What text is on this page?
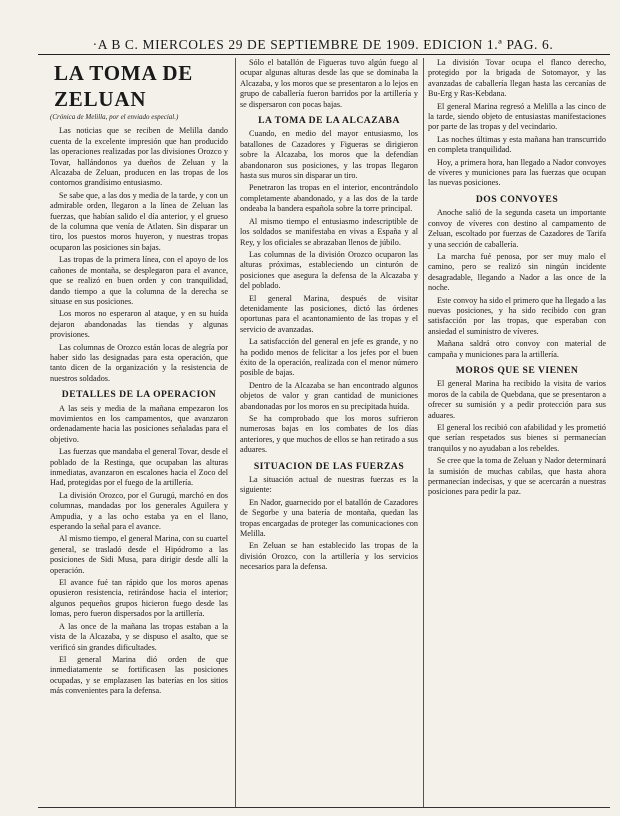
·A B C. MIERCOLES 29 DE SEPTIEMBRE DE 1909. EDICION 1.ª PAG. 6.
LA TOMA DE ZELUAN
(Crónica de Melilla, por el enviado especial.)

Las noticias que se reciben de Melilla dando cuenta de la excelente impresión que han producido las operaciones realizadas por las divisiones Orozco y Tovar, hallándonos ya dueños de Zeluan y la Alcazaba de Zeluan, producen en las tropas de los contornos grandísimo entusiasmo.

Se sabe que, a las dos y media de la tarde, y con un admirable orden, llegaron a la línea de Zeluan las fuerzas, que habían salido el día anterior, y el grueso de la columna que venía de Atlaten. Sin disparar un tiro, los puestos moros huyeron, y nuestras tropas ocuparon las posiciones sin bajas.

Las tropas de la primera línea, con el apoyo de los cañones de montaña, se desplegaron para el avance, que se realizó en buen orden y con tranquilidad, dando tiempo a que la columna de la derecha se situase en sus posiciones.

Los moros no esperaron al ataque, y en su huída dejaron abandonadas las tiendas y algunas provisiones.

Las columnas de Orozco están locas de alegría por haber sido las designadas para esta operación, que tanto dicen de la organización y la resistencia de nuestros soldados.

DETALLES DE LA OPERACION

A las seis y media de la mañana empezaron los movimientos en los campamentos, que avanzaron ordenadamente hacia las posiciones señaladas para el objetivo.

Las fuerzas que mandaba el general Tovar, desde el poblado de la Restinga, que ocupaban las alturas inmediatas, avanzaron en escalones hacia el Zoco del Had, protegidas por el fuego de la artillería.

La división Orozco, por el Gurugú, marchó en dos columnas, mandadas por los generales Aguilera y Ampudia, y a las ocho estaba ya en el llano, esperando la señal para el avance.

Al mismo tiempo, el general Marina, con su cuartel general, se trasladó desde el Hipódromo a las posiciones de Sidi Musa, para dirigir desde allí la operación.

El avance fué tan rápido que los moros apenas opusieron resistencia, retirándose hacia el interior; algunos pequeños grupos hicieron fuego desde las lomas, pero fueron dispersados por la artillería.

A las once de la mañana las tropas estaban a la vista de la Alcazaba, y se dispuso el asalto, que se verificó sin grandes dificultades.

El general Marina dió orden de que inmediatamente se fortificasen las posiciones ocupadas, y se emplazasen las baterías en los sitios más convenientes para la defensa.

Sólo el batallón de Figueras tuvo algún fuego al ocupar algunas alturas desde las que se dominaba la Alcazaba, y los moros que se presentaron a lo lejos en grupo de caballería fueron barridos por la artillería y se dispersaron con pocas bajas.

LA TOMA DE LA ALCAZABA

Cuando, en medio del mayor entusiasmo, los batallones de Cazadores y Figueras se dirigieron sobre la Alcazaba, los moros que la defendían abandonaron sus posiciones, y las tropas llegaron hasta sus muros sin disparar un tiro.

Penetraron las tropas en el interior, encontrándolo completamente abandonado, y a las dos de la tarde ondeaba la bandera española sobre la torre principal.

Al mismo tiempo el entusiasmo indescriptible de los soldados se manifestaba en vivas a España y al Rey, y los oficiales se abrazaban llenos de júbilo.

Las columnas de la división Orozco ocuparon las alturas próximas, estableciendo un cinturón de posiciones que asegura la defensa de la Alcazaba y del poblado.

El general Marina, después de visitar detenidamente las posiciones, dictó las órdenes oportunas para el acantonamiento de las tropas y el servicio de avanzadas.

La satisfacción del general en jefe es grande, y no ha podido menos de felicitar a los jefes por el buen éxito de la operación, realizada con el menor número posible de bajas.

Dentro de la Alcazaba se han encontrado algunos objetos de valor y gran cantidad de municiones abandonadas por los moros en su precipitada huída.

Se ha comprobado que los moros sufrieron numerosas bajas en los combates de los días anteriores, y que muchos de ellos se han retirado a sus aduares.

SITUACION DE LAS FUERZAS

La situación actual de nuestras fuerzas es la siguiente:

En Nador, guarnecido por el batallón de Cazadores de Segorbe y una batería de montaña, quedan las tropas encargadas de proteger las comunicaciones con Melilla.

En Zeluan se han establecido las tropas de la división Orozco, con la artillería y los servicios necesarios para la defensa.

La división Tovar ocupa el flanco derecho, protegido por la brigada de Sotomayor, y las avanzadas de caballería llegan hasta las cercanías de Bu-Erg y Ras-Kebdana.

El general Marina regresó a Melilla a las cinco de la tarde, siendo objeto de entusiastas manifestaciones por parte de las tropas y del vecindario.

Las noches últimas y esta mañana han transcurrido en completa tranquilidad.

Hoy, a primera hora, han llegado a Nador convoyes de víveres y municiones para las fuerzas que ocupan las nuevas posiciones.

DOS CONVOYES

Anoche salió de la segunda caseta un importante convoy de víveres con destino al campamento de Zeluan, escoltado por fuerzas de Cazadores de Tarifa y una sección de caballería.

La marcha fué penosa, por ser muy malo el camino, pero se realizó sin ningún incidente desagradable, llegando a Nador a las once de la noche.

Este convoy ha sido el primero que ha llegado a las nuevas posiciones, y ha sido recibido con gran satisfacción por las tropas, que esperaban con ansiedad el suministro de víveres.

Mañana saldrá otro convoy con material de campaña y municiones para la artillería.

MOROS QUE SE VIENEN

El general Marina ha recibido la visita de varios moros de la cabila de Quebdana, que se presentaron a ofrecer su sumisión y a pedir protección para sus aduares.

El general los recibió con afabilidad y les prometió que serían respetados sus bienes si permanecían tranquilos y no ayudaban a los rebeldes.

Se cree que la toma de Zeluan y Nador determinará la sumisión de muchas cabilas, que hasta ahora permanecían indecisas, y que se acercarán a nuestras posiciones para pedir la paz.
